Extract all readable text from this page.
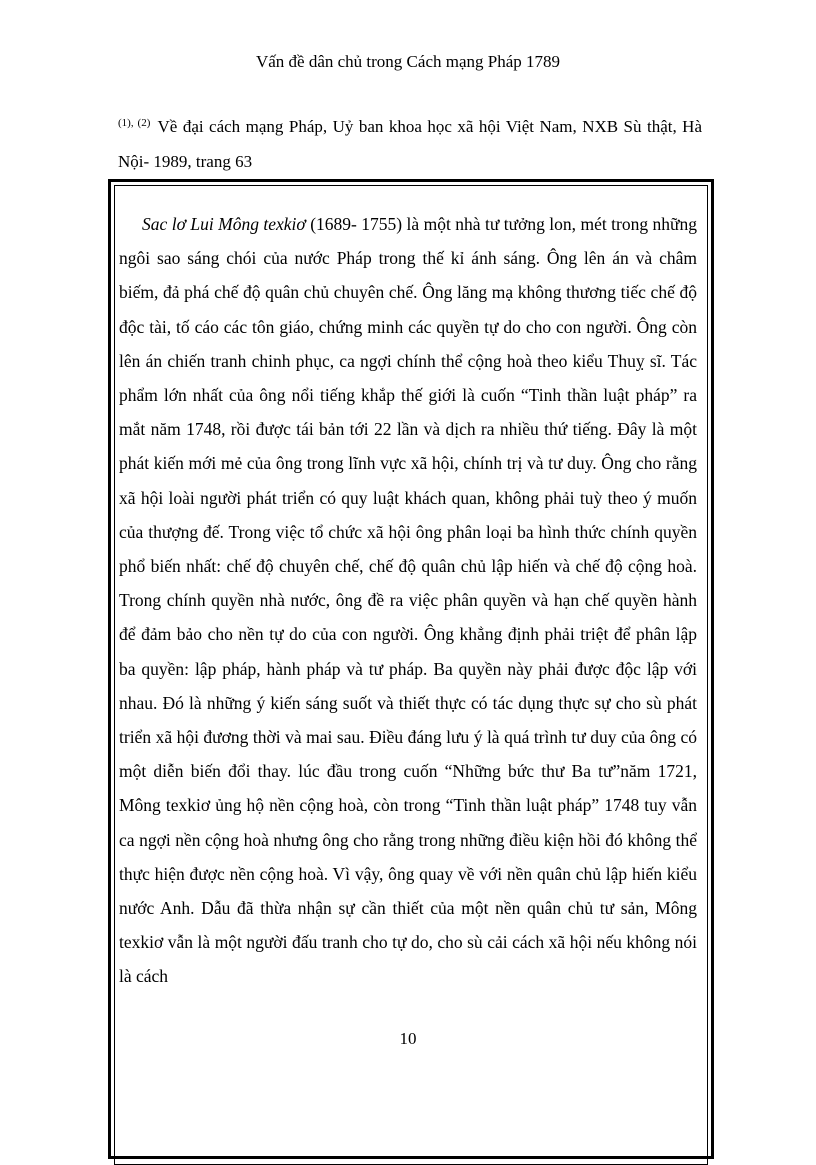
Vấn đề dân chủ trong Cách mạng Pháp 1789
$^{(1), (2)}$ Về đại cách mạng Pháp, Uỷ ban khoa học xã hội Việt Nam, NXB Sù thật, Hà Nội- 1989, trang 63

Sac lơ Lui Mông texkiơ (1689- 1755) là một nhà tư tưởng lon, mét trong những ngôi sao sáng chói của nước Pháp trong thế kỉ ánh sáng. Ông lên án và châm biếm, đả phá chế độ quân chủ chuyên chế. Ông lăng mạ không thương tiếc chế độ độc tài, tố cáo các tôn giáo, chứng minh các quyền tự do cho con người. Ông còn lên án chiến tranh chinh phục, ca ngợi chính thể cộng hoà theo kiểu Thuỵ sĩ. Tác phẩm lớn nhất của ông nổi tiếng khắp thế giới là cuốn “Tinh thần luật pháp” ra mắt năm 1748, rồi được tái bản tới 22 lần và dịch ra nhiều thứ tiếng. Đây là một phát kiến mới mẻ của ông trong lĩnh vực xã hội, chính trị và tư duy. Ông cho rằng xã hội loài người phát triển có quy luật khách quan, không phải tuỳ theo ý muốn của thượng đế. Trong việc tổ chức xã hội ông phân loại ba hình thức chính quyền phổ biến nhất: chế độ chuyên chế, chế độ quân chủ lập hiến và chế độ cộng hoà. Trong chính quyền nhà nước, ông đề ra việc phân quyền và hạn chế quyền hành để đảm bảo cho nền tự do của con người. Ông khẳng định phải triệt để phân lập ba quyền: lập pháp, hành pháp và tư pháp. Ba quyền này phải được độc lập với nhau. Đó là những ý kiến sáng suốt và thiết thực có tác dụng thực sự cho sù phát triển xã hội đương thời và mai sau. Điều đáng lưu ý là quá trình tư duy của ông có một diễn biến đổi thay. lúc đầu trong cuốn “Những bức thư Ba tư”năm 1721, Mông texkiơ ủng hộ nền cộng hoà, còn trong “Tinh thần luật pháp” 1748 tuy vẫn ca ngợi nền cộng hoà nhưng ông cho rằng trong những điều kiện hồi đó không thể thực hiện được nền cộng hoà. Vì vậy, ông quay về với nền quân chủ lập hiến kiểu nước Anh. Dẫu đã thừa nhận sự cần thiết của một nền quân chủ tư sản, Mông texkiơ vẫn là một người đấu tranh cho tự do, cho sù cải cách xã hội nếu không nói là cách

10
